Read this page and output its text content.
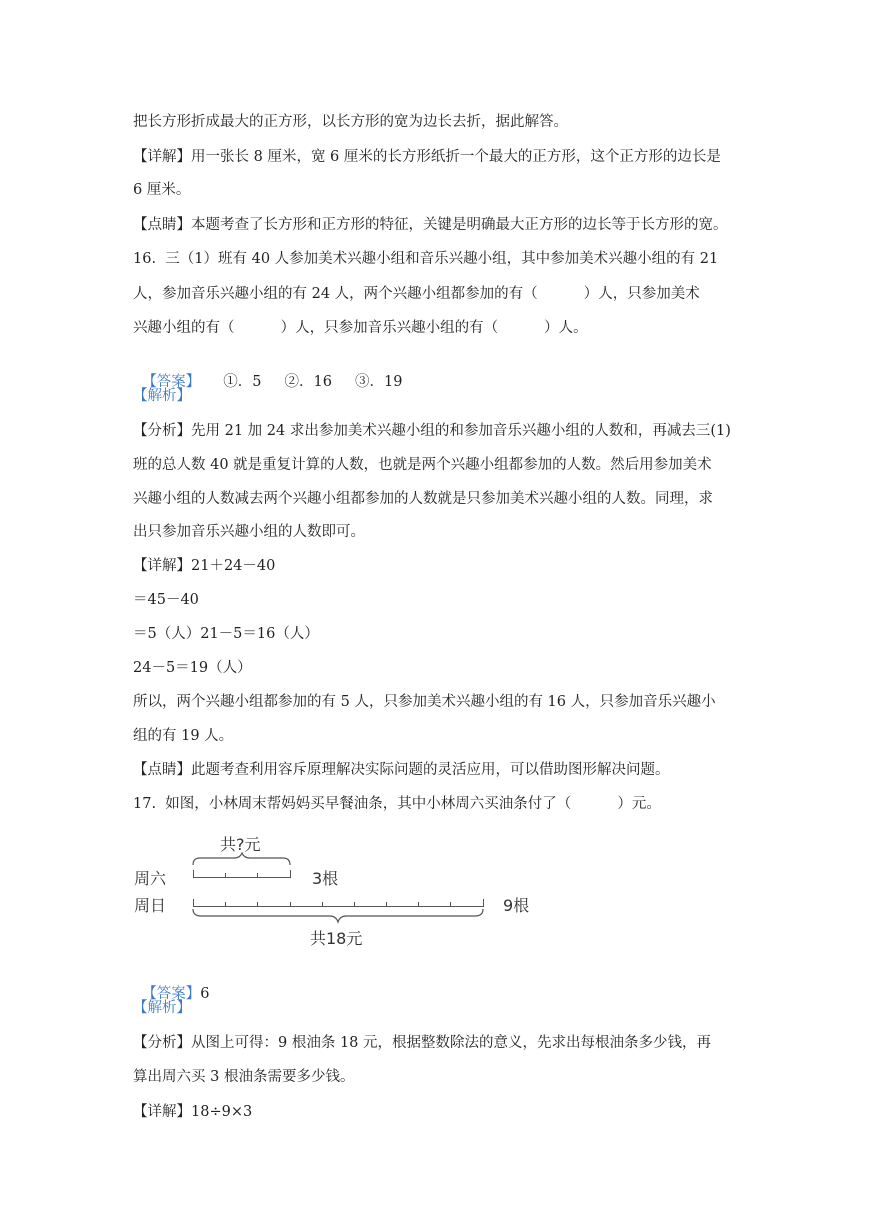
把长方形折成最大的正方形，以长方形的宽为边长去折，据此解答。
【详解】用一张长 8 厘米，宽 6 厘米的长方形纸折一个最大的正方形，这个正方形的边长是
6 厘米。
【点睛】本题考查了长方形和正方形的特征，关键是明确最大正方形的边长等于长方形的宽。
16.  三（1）班有 40 人参加美术兴趣小组和音乐兴趣小组，其中参加美术兴趣小组的有 21
人，参加音乐兴趣小组的有 24 人，两个兴趣小组都参加的有（          ）人，只参加美术
兴趣小组的有（          ）人，只参加音乐兴趣小组的有（          ）人。

【答案】     ①．5     ②．16     ③．19

【解析】
【分析】先用 21 加 24 求出参加美术兴趣小组的和参加音乐兴趣小组的人数和，再减去三(1)
班的总人数 40 就是重复计算的人数，也就是两个兴趣小组都参加的人数。然后用参加美术
兴趣小组的人数减去两个兴趣小组都参加的人数就是只参加美术兴趣小组的人数。同理，求
出只参加音乐兴趣小组的人数即可。
【详解】21＋24－40
＝45－40
＝5（人）21－5＝16（人）
24－5＝19（人）
所以，两个兴趣小组都参加的有 5 人，只参加美术兴趣小组的有 16 人，只参加音乐兴趣小
组的有 19 人。
【点睛】此题考查利用容斥原理解决实际问题的灵活应用，可以借助图形解决问题。
17.  如图，小林周末帮妈妈买早餐油条，其中小林周六买油条付了（          ）元。
共?元
周六	3根
周日	9根
共18元

【答案】6

【解析】
【分析】从图上可得：9 根油条 18 元，根据整数除法的意义，先求出每根油条多少钱，再
算出周六买 3 根油条需要多少钱。
【详解】18÷9×3
